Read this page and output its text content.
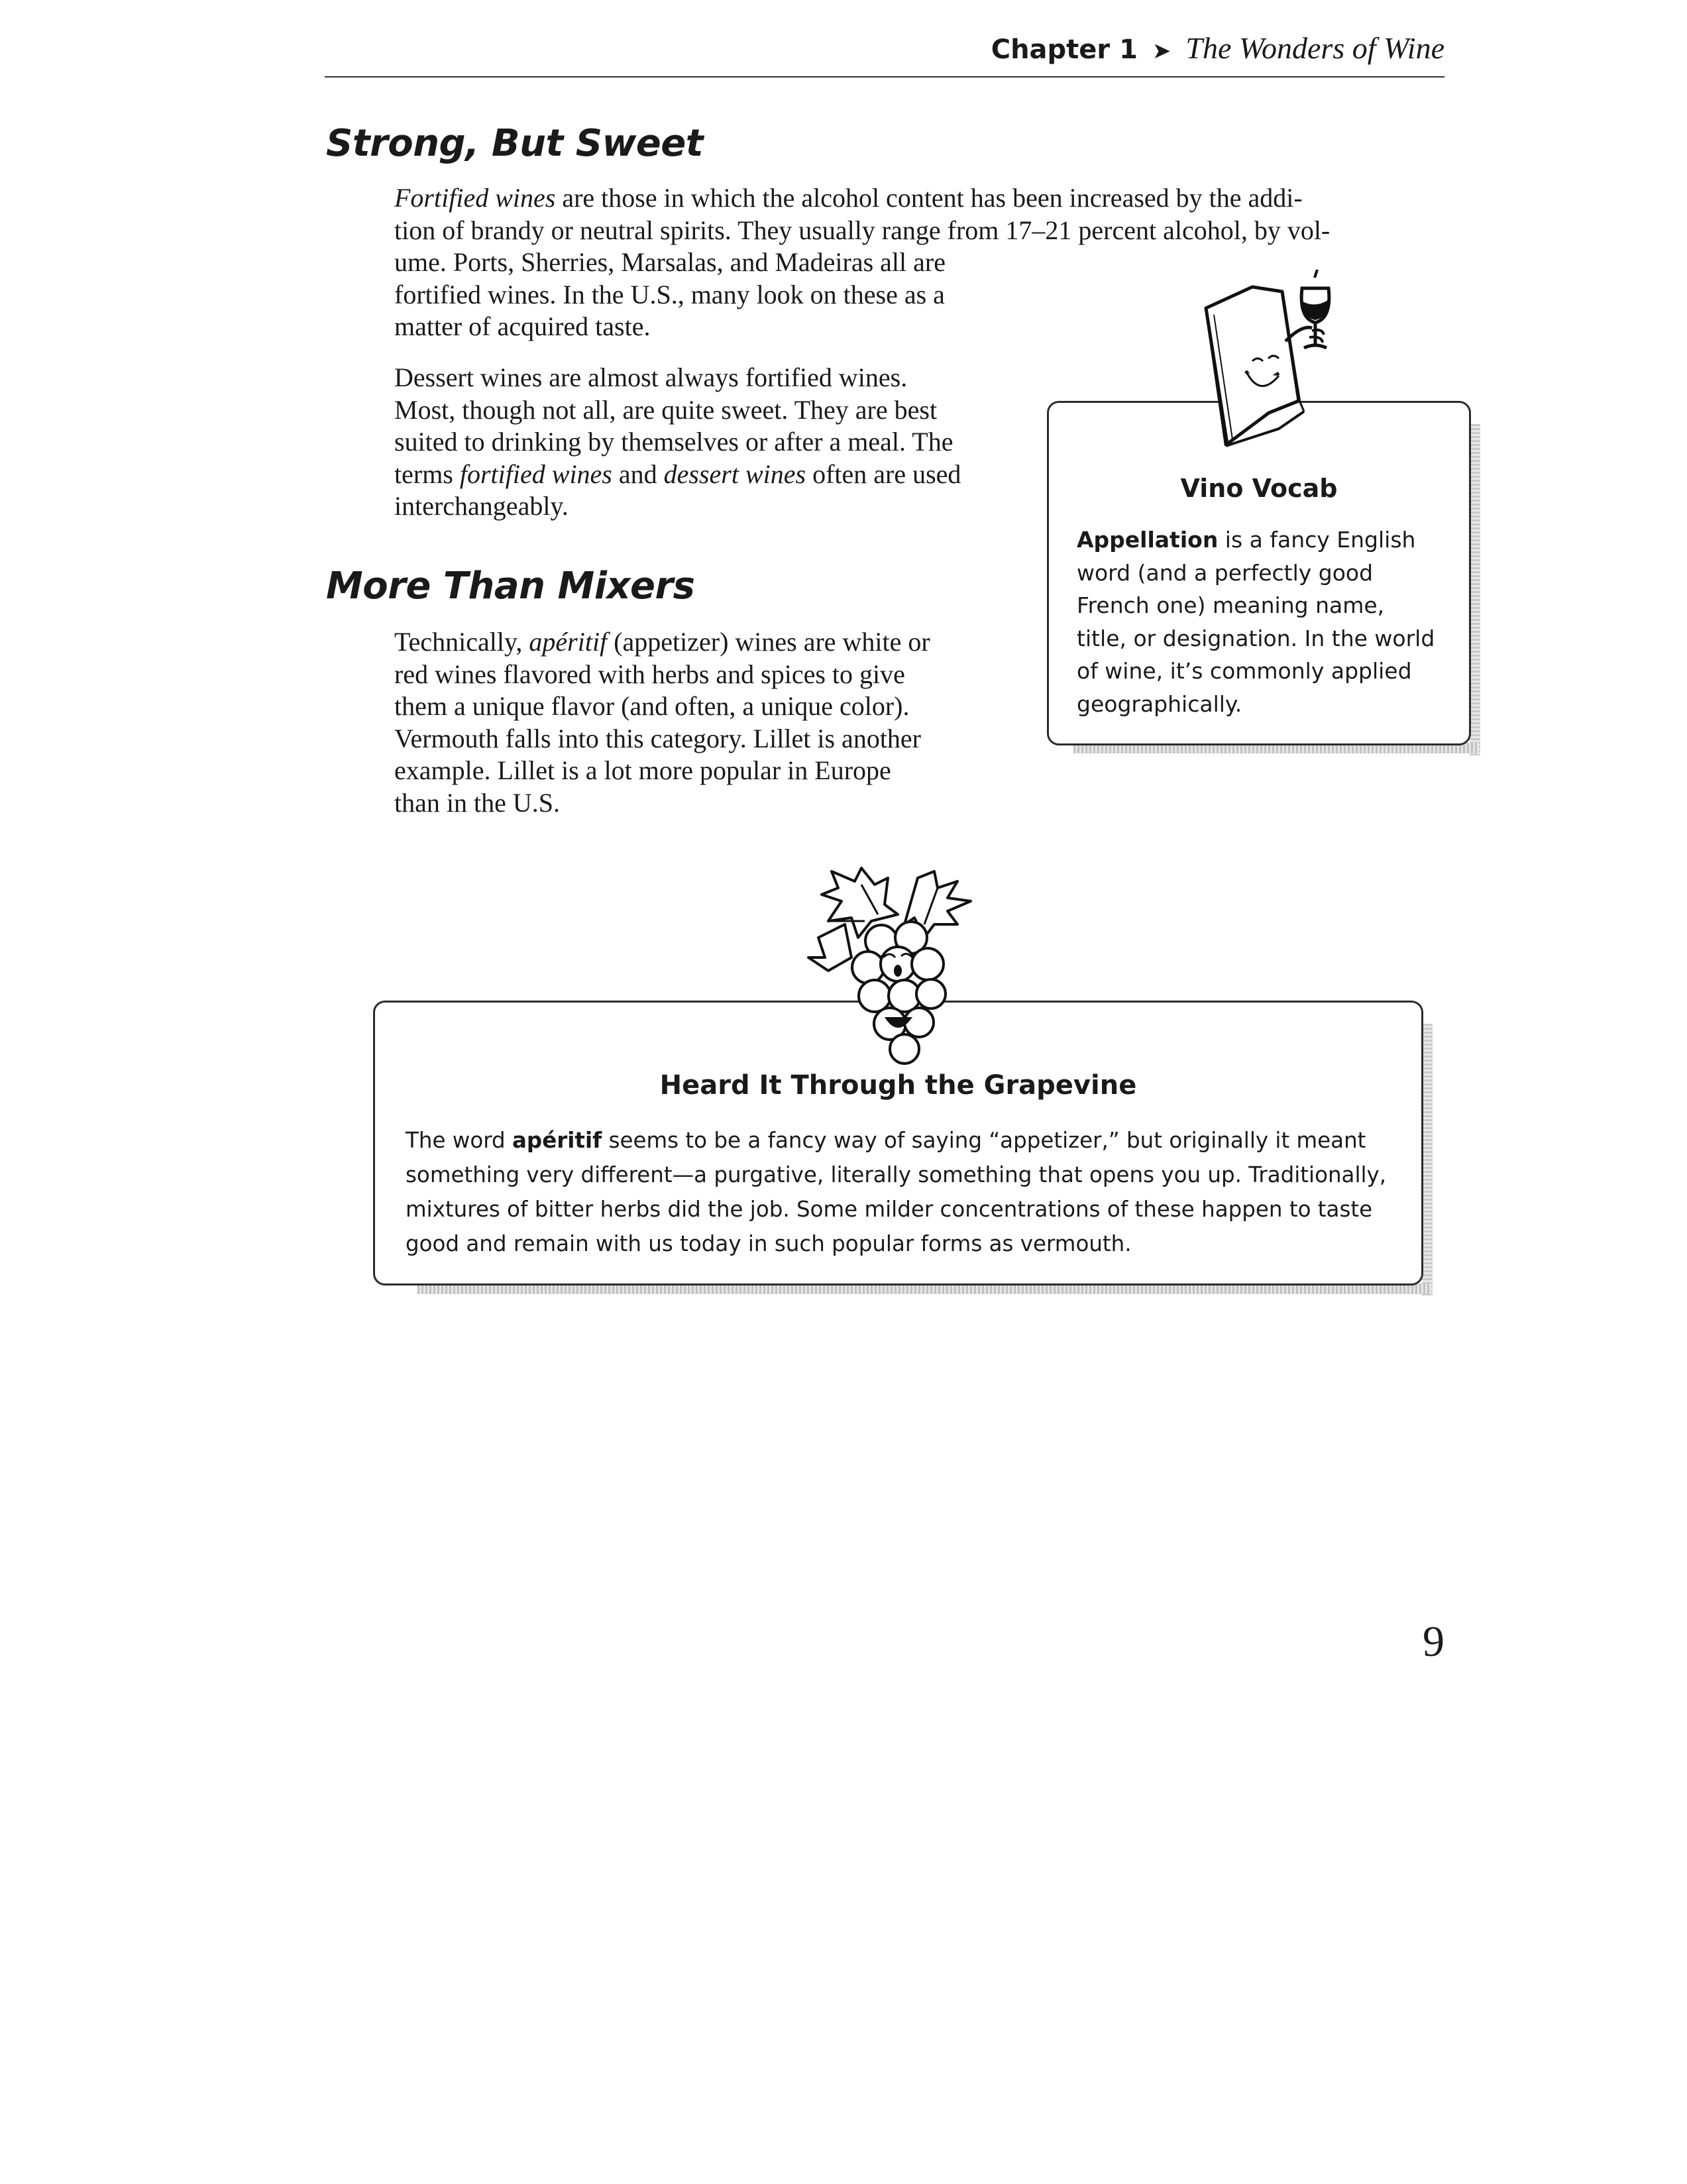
Chapter 1 ➤ The Wonders of Wine
Strong, But Sweet

Fortified wines are those in which the alcohol content has been increased by the addi-

tion of brandy or neutral spirits. They usually range from 17–21 percent alcohol, by vol-

ume. Ports, Sherries, Marsalas, and Madeiras all are

fortified wines. In the U.S., many look on these as a

matter of acquired taste.

Dessert wines are almost always fortified wines.

Most, though not all, are quite sweet. They are best

suited to drinking by themselves or after a meal. The

terms fortified wines and dessert wines often are used

interchangeably.

More Than Mixers

Technically, apéritif (appetizer) wines are white or

red wines flavored with herbs and spices to give

them a unique flavor (and often, a unique color).

Vermouth falls into this category. Lillet is another

example. Lillet is a lot more popular in Europe

than in the U.S.

Vino Vocab
Appellation is a fancy English
word (and a perfectly good
French one) meaning name,
title, or designation. In the world
of wine, it’s commonly applied
geographically.
Heard It Through the Grapevine
The word apéritif seems to be a fancy way of saying “appetizer,” but originally it meant
something very different—a purgative, literally something that opens you up. Traditionally,
mixtures of bitter herbs did the job. Some milder concentrations of these happen to taste
good and remain with us today in such popular forms as vermouth.
9
